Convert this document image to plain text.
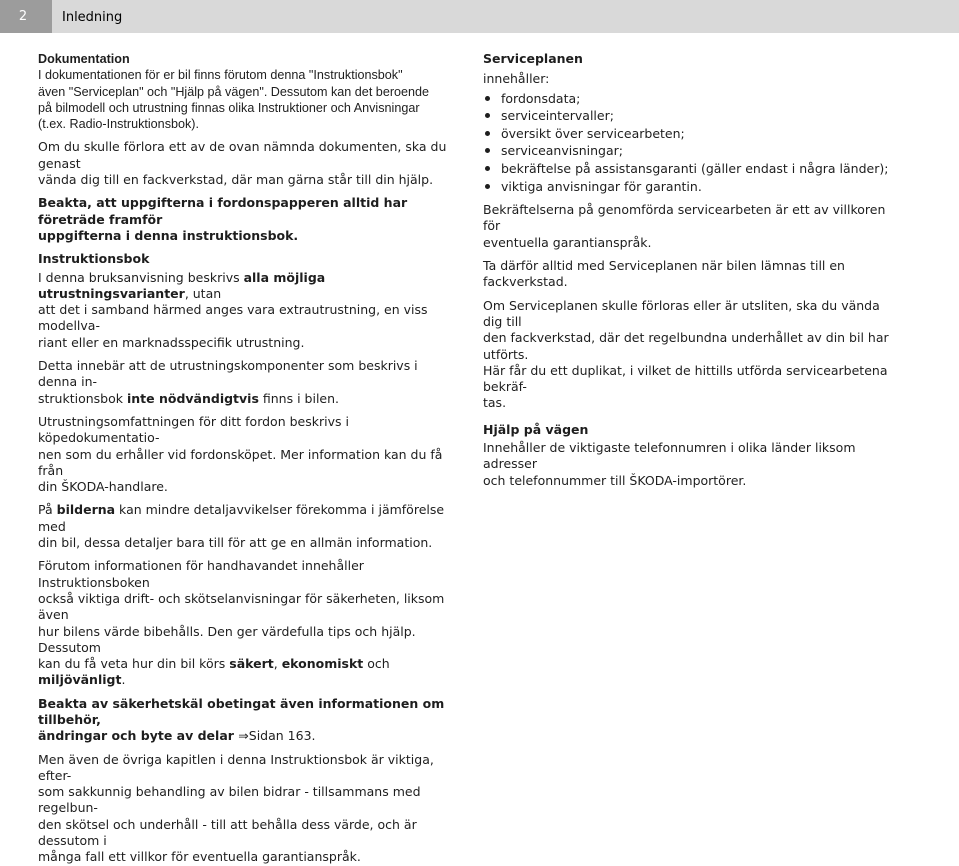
2	Inledning

Dokumentation

I dokumentationen för er bil finns förutom denna "Instruktionsbok"

även "Serviceplan" och "Hjälp på vägen". Dessutom kan det beroende

på bilmodell och utrustning finnas olika Instruktioner och Anvisningar

(t.ex. Radio-Instruktionsbok).

Om du skulle förlora ett av de ovan nämnda dokumenten, ska du genast

vända dig till en fackverkstad, där man gärna står till din hjälp.

Beakta, att uppgifterna i fordonspapperen alltid har företräde framför

uppgifterna i denna instruktionsbok.

Instruktionsbok

I denna bruksanvisning beskrivs alla möjliga utrustningsvarianter, utan

att det i samband härmed anges vara extrautrustning, en viss modellva-

riant eller en marknadsspecifik utrustning.

Detta innebär att de utrustningskomponenter som beskrivs i denna in-

struktionsbok inte nödvändigtvis finns i bilen.

Utrustningsomfattningen för ditt fordon beskrivs i köpedokumentatio-

nen som du erhåller vid fordonsköpet. Mer information kan du få från

din ŠKODA-handlare.

På bilderna kan mindre detaljavvikelser förekomma i jämförelse med

din bil, dessa detaljer bara till för att ge en allmän information.

Förutom informationen för handhavandet innehåller Instruktionsboken

också viktiga drift- och skötselanvisningar för säkerheten, liksom även

hur bilens värde bibehålls. Den ger värdefulla tips och hjälp. Dessutom

kan du få veta hur din bil körs säkert, ekonomiskt och miljövänligt.

Beakta av säkerhetskäl obetingat även informationen om tillbehör,

ändringar och byte av delar ⇒Sidan 163.

Men även de övriga kapitlen i denna Instruktionsbok är viktiga, efter-

som sakkunnig behandling av bilen bidrar - tillsammans med regelbun-

den skötsel och underhåll - till att behålla dess värde, och är dessutom i

många fall ett villkor för eventuella garantianspråk.

Serviceplanen

innehåller:

fordonsdata;
serviceintervaller;
översikt över servicearbeten;
serviceanvisningar;
bekräftelse på assistansgaranti (gäller endast i några länder);
viktiga anvisningar för garantin.

Bekräftelserna på genomförda servicearbeten är ett av villkoren för

eventuella garantianspråk.

Ta därför alltid med Serviceplanen när bilen lämnas till en fackverkstad.

Om Serviceplanen skulle förloras eller är utsliten, ska du vända dig till

den fackverkstad, där det regelbundna underhållet av din bil har utförts.

Här får du ett duplikat, i vilket de hittills utförda servicearbetena bekräf-

tas.

Hjälp på vägen

Innehåller de viktigaste telefonnumren i olika länder liksom adresser

och telefonnummer till ŠKODA-importörer.
